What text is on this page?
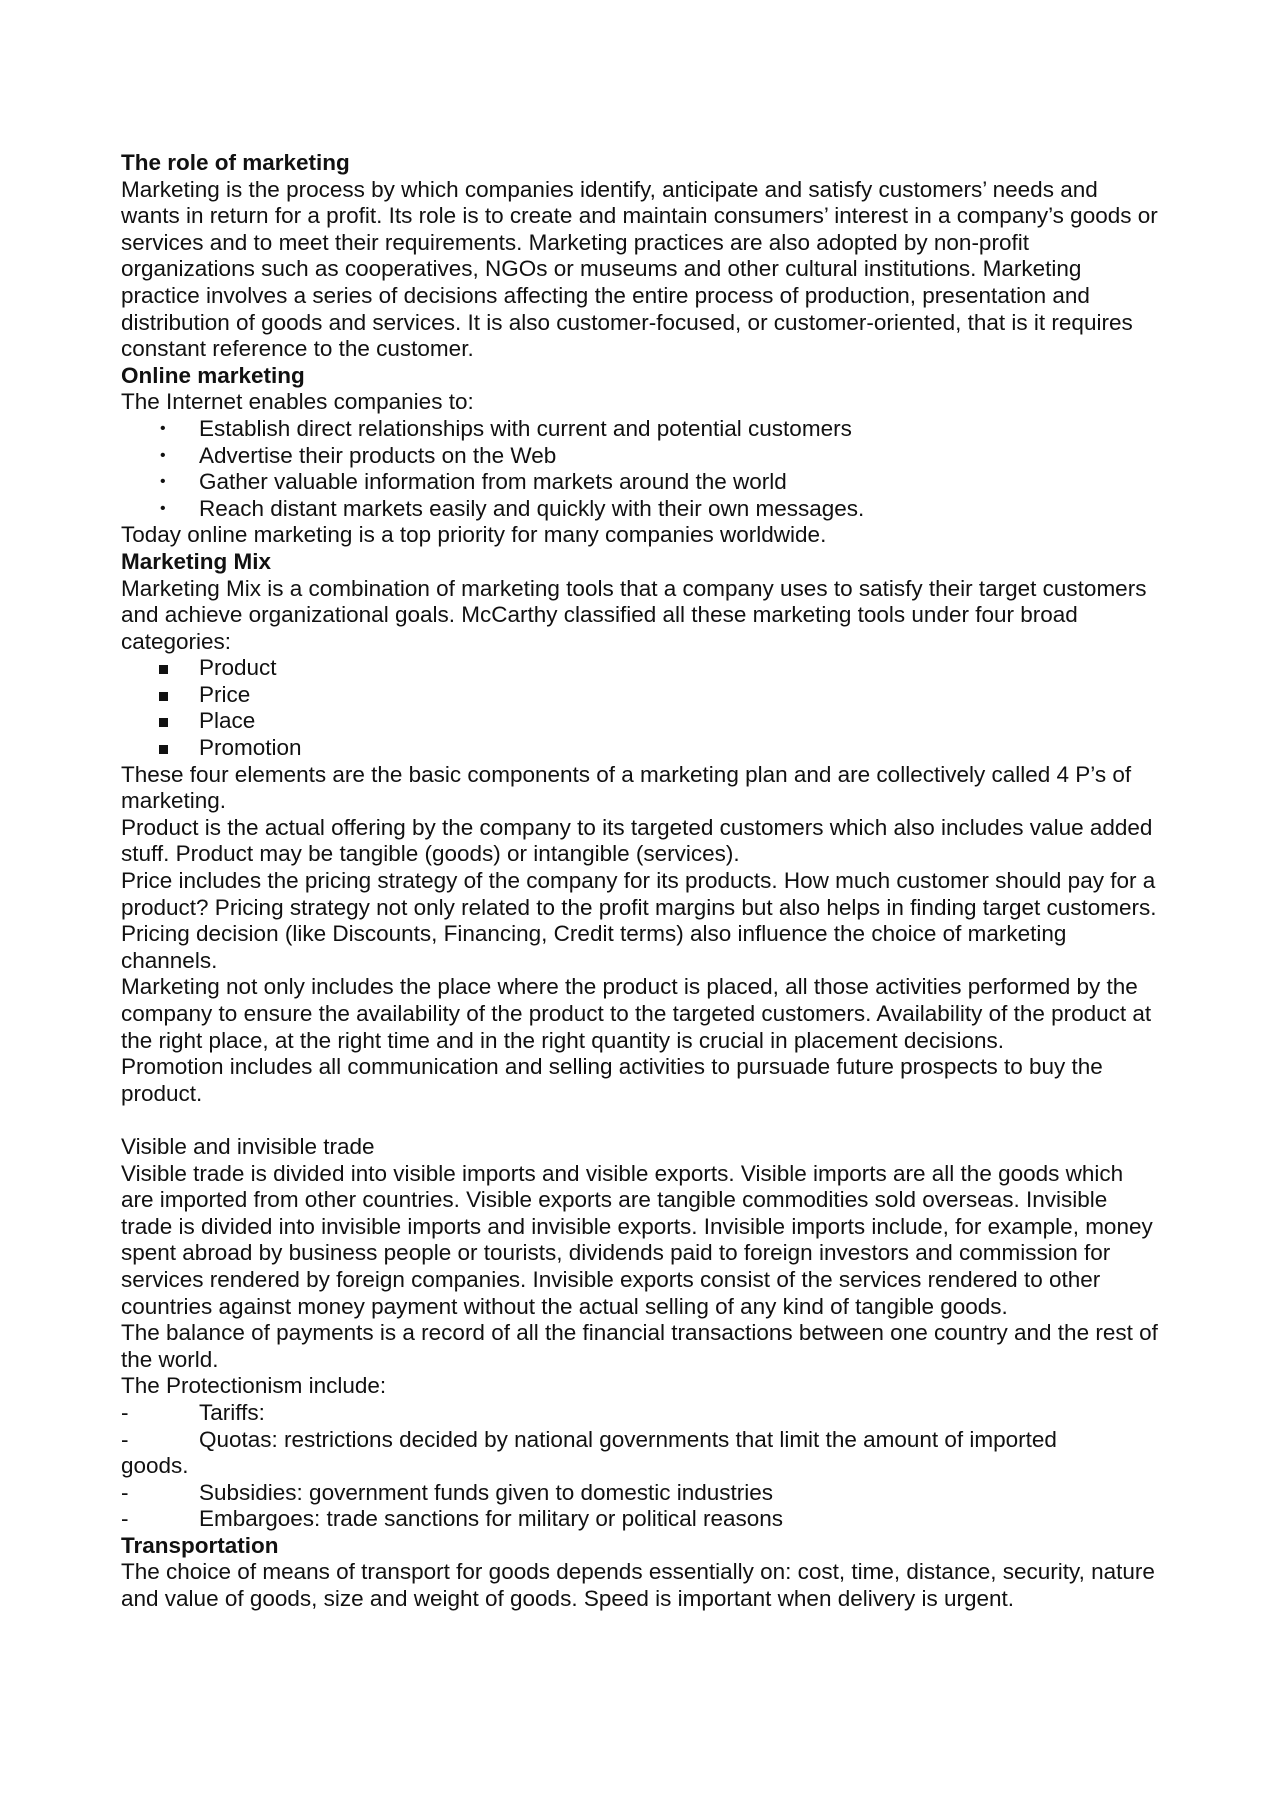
The role of marketing

Marketing is the process by which companies identify, anticipate and satisfy customers’ needs and wants in return for a profit. Its role is to create and maintain consumers’ interest in a company’s goods or services and to meet their requirements. Marketing practices are also adopted by non-profit organizations such as cooperatives, NGOs or museums and other cultural institutions. Marketing practice involves a series of decisions affecting the entire process of production, presentation and distribution of goods and services. It is also customer-focused, or customer-oriented, that is it requires constant reference to the customer.

Online marketing

The Internet enables companies to:

• Establish direct relationships with current and potential customers
• Advertise their products on the Web
• Gather valuable information from markets around the world
• Reach distant markets easily and quickly with their own messages.

Today online marketing is a top priority for many companies worldwide.

Marketing Mix

Marketing Mix is a combination of marketing tools that a company uses to satisfy their target customers and achieve organizational goals. McCarthy classified all these marketing tools under four broad categories:

Product
Price
Place
Promotion

These four elements are the basic components of a marketing plan and are collectively called 4 P’s of marketing.

Product is the actual offering by the company to its targeted customers which also includes value added stuff. Product may be tangible (goods) or intangible (services).

Price includes the pricing strategy of the company for its products. How much customer should pay for a product? Pricing strategy not only related to the profit margins but also helps in finding target customers. Pricing decision (like Discounts, Financing, Credit terms) also influence the choice of marketing channels.

Marketing not only includes the place where the product is placed, all those activities performed by the company to ensure the availability of the product to the targeted customers. Availability of the product at the right place, at the right time and in the right quantity is crucial in placement decisions.

Promotion includes all communication and selling activities to pursuade future prospects to buy the product.

Visible and invisible trade

Visible trade is divided into visible imports and visible exports. Visible imports are all the goods which are imported from other countries. Visible exports are tangible commodities sold overseas. Invisible trade is divided into invisible imports and invisible exports. Invisible imports include, for example, money spent abroad by business people or tourists, dividends paid to foreign investors and commission for services rendered by foreign companies. Invisible exports consist of the services rendered to other countries against money payment without the actual selling of any kind of tangible goods.

The balance of payments is a record of all the financial transactions between one country and the rest of the world.

The Protectionism include:

-	Tariffs:
-	Quotas: restrictions decided by national governments that limit the amount of imported
goods.
-	Subsidies: government funds given to domestic industries
-	Embargoes: trade sanctions for military or political reasons

Transportation

The choice of means of transport for goods depends essentially on: cost, time, distance, security, nature and value of goods, size and weight of goods. Speed is important when delivery is urgent.
